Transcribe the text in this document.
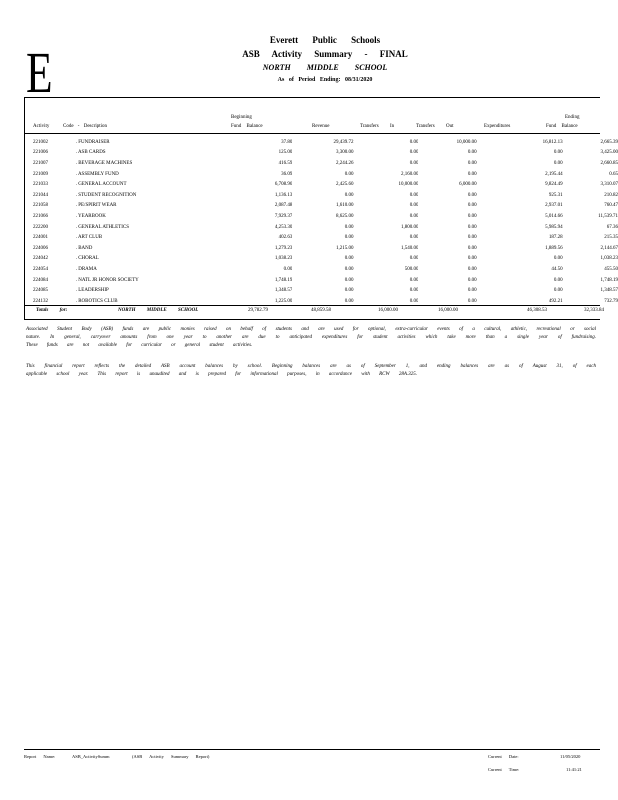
E	Everett Public Schools
ASB Activity Summary - FINAL
NORTH MIDDLE SCHOOL
As of Period Ending: 08/31/2020
Activity	Code - Description
Beginning
Fund Balance	Revenue	Transfers In	Transfers Out	Expenditures
Ending
Fund Balance
221002	. FUNDRAISER	37.80	29,439.72	0.00	10,000.00	16,812.13	2,665.39
221006	. ASB CARDS	125.00	3,300.00	0.00	0.00	0.00	3,425.00
221007	. BEVERAGE MACHINES	416.59	2,244.26	0.00	0.00	0.00	2,660.85
221009	. ASSEMBLY FUND	36.09	0.00	2,160.00	0.00	2,195.44	0.65
221033	. GENERAL ACCOUNT	6,708.96	2,425.60	10,000.00	6,000.00	9,824.49	3,310.07
221044	. STUDENT RECOGNITION	1,136.13	0.00	0.00	0.00	925.31	210.82
221058	. PE/SPIRIT WEAR	2,087.48	1,610.00	0.00	0.00	2,937.01	760.47
221066	. YEARBOOK	7,929.37	8,625.00	0.00	0.00	5,014.66	11,539.71
222200	. GENERAL ATHLETICS	4,253.30	0.00	1,800.00	0.00	5,985.94	67.36
224001	. ART CLUB	402.63	0.00	0.00	0.00	187.28	215.35
224006	. BAND	1,279.23	1,215.00	1,540.00	0.00	1,889.56	2,144.67
224042	. CHORAL	1,038.23	0.00	0.00	0.00	0.00	1,038.23
224054	. DRAMA	0.00	0.00	500.00	0.00	44.50	455.50
224084	. NATL JR HONOR SOCIETY	1,748.19	0.00	0.00	0.00	0.00	1,748.19
224085	. LEADERSHIP	1,348.57	0.00	0.00	0.00	0.00	1,348.57
224132	. ROBOTICS CLUB	1,225.00	0.00	0.00	0.00	492.21	732.79
Totals for:	NORTH MIDDLE SCHOOL	29,782.79	48,859.58	16,000.00	16,000.00	46,308.53	32,333.84
Associated Student Body (ASB) funds are public monies raised on behalf of students and are used for optional, extra-curricular events of a cultural, athletic, recreational or social nature. In general, carryover amounts from one year to another are due to anticipated expenditures for student activities which take more than a single year of fundraising. These funds are not available for curricular or general student activities.
This financial report reflects the detailed ASB account balances by school. Beginning balances are as of September 1, and ending balances are as of August 31, of each applicable school year. This report is unaudited and is prepared for informational purposes, in accordance with RCW 28A.325.
Report Name:	ASB_ActivitySumm	(ASB Activity Summary Report)	Current Date:	11/05/2020
Current Time:	11:41:21
